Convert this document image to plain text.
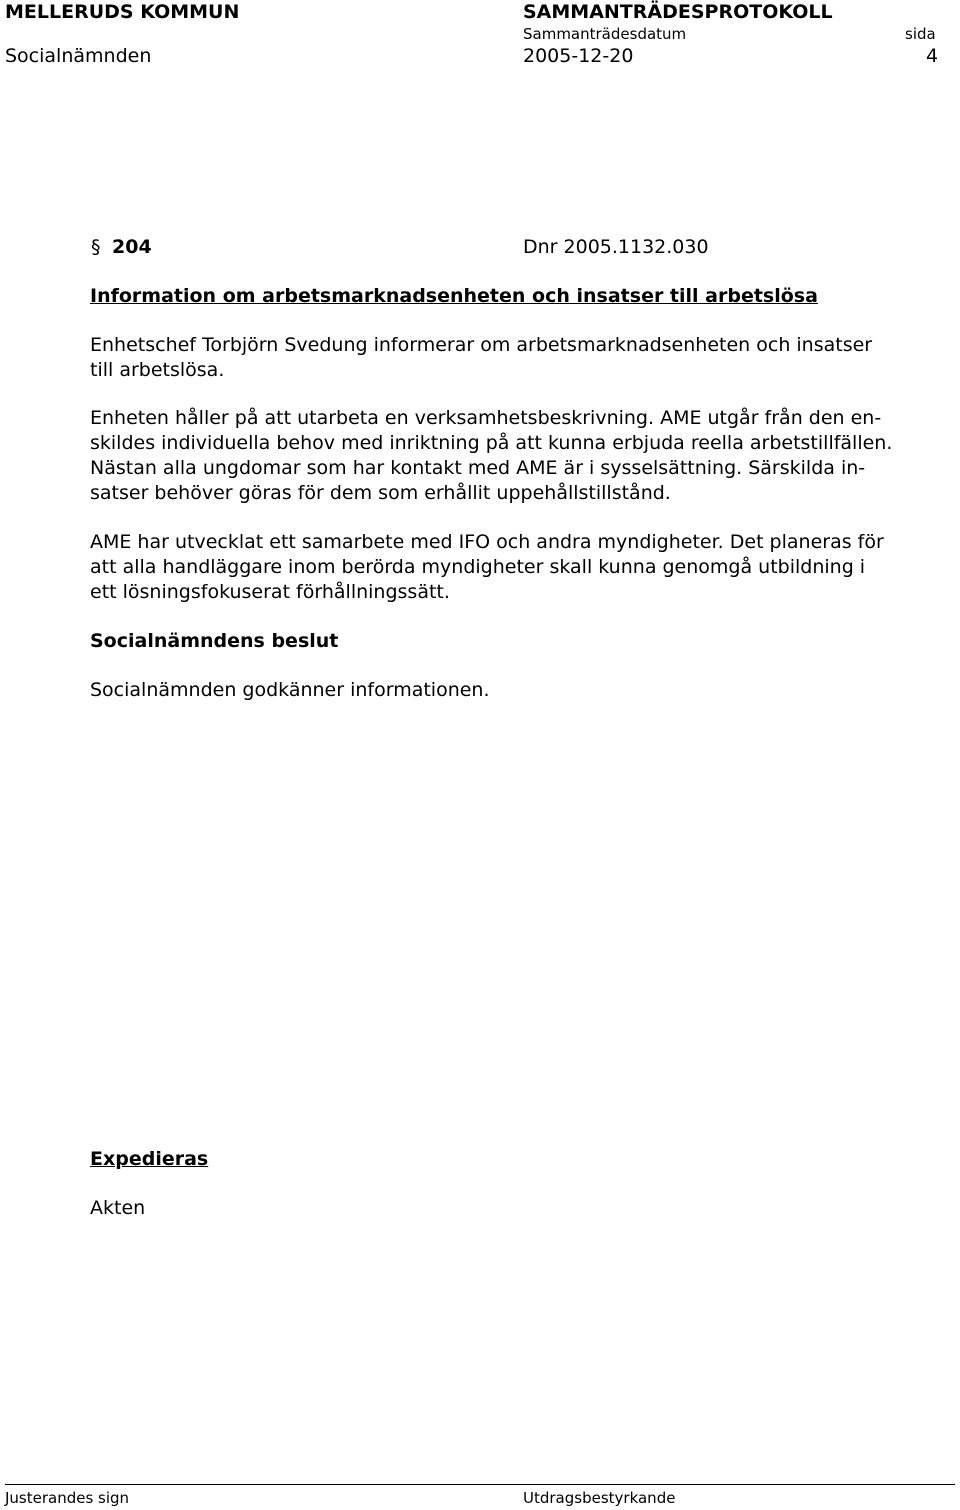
MELLERUDS KOMMUN	SAMMANTRÄDESPROTOKOLL
Sammanträdesdatum	sida
Socialnämnden	2005-12-20	4
§ 204	Dnr 2005.1132.030
Information om arbetsmarknadsenheten och insatser till arbetslösa
Enhetschef Torbjörn Svedung informerar om arbetsmarknadsenheten och insatser
till arbetslösa.
Enheten håller på att utarbeta en verksamhetsbeskrivning. AME utgår från den en-
skildes individuella behov med inriktning på att kunna erbjuda reella arbetstillfällen.
Nästan alla ungdomar som har kontakt med AME är i sysselsättning. Särskilda in-
satser behöver göras för dem som erhållit uppehållstillstånd.
AME har utvecklat ett samarbete med IFO och andra myndigheter. Det planeras för
att alla handläggare inom berörda myndigheter skall kunna genomgå utbildning i
ett lösningsfokuserat förhållningssätt.
Socialnämndens beslut
Socialnämnden godkänner informationen.
Expedieras
Akten
Justerandes sign	Utdragsbestyrkande
